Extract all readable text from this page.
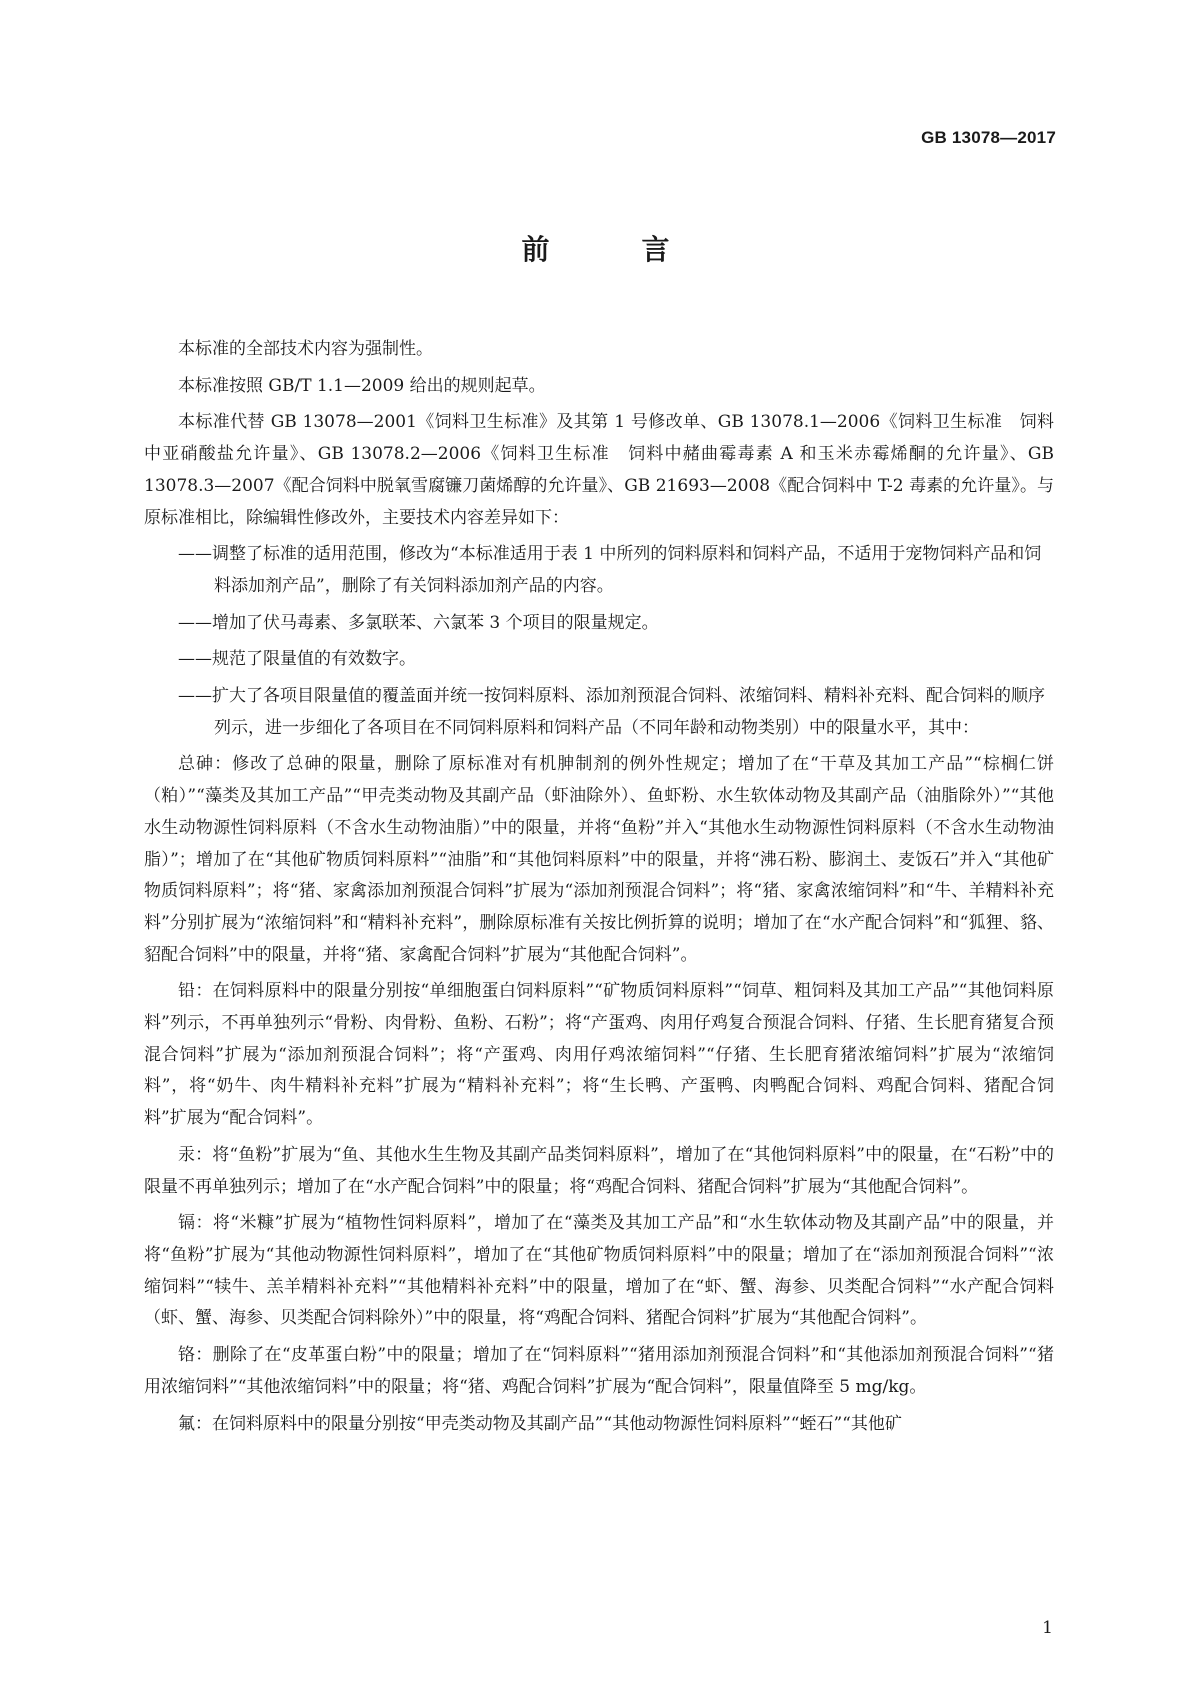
GB 13078—2017
前　言

本标准的全部技术内容为强制性。

本标准按照 GB/T 1.1—2009 给出的规则起草。

本标准代替 GB 13078—2001《饲料卫生标准》及其第 1 号修改单、GB 13078.1—2006《饲料卫生标准　饲料中亚硝酸盐允许量》、GB 13078.2—2006《饲料卫生标准　饲料中赭曲霉毒素 A 和玉米赤霉烯酮的允许量》、GB 13078.3—2007《配合饲料中脱氧雪腐镰刀菌烯醇的允许量》、GB 21693—2008《配合饲料中 T-2 毒素的允许量》。与原标准相比，除编辑性修改外，主要技术内容差异如下：

——调整了标准的适用范围，修改为“本标准适用于表 1 中所列的饲料原料和饲料产品，不适用于宠物饲料产品和饲料添加剂产品”，删除了有关饲料添加剂产品的内容。
——增加了伏马毒素、多氯联苯、六氯苯 3 个项目的限量规定。
——规范了限量值的有效数字。
——扩大了各项目限量值的覆盖面并统一按饲料原料、添加剂预混合饲料、浓缩饲料、精料补充料、配合饲料的顺序列示，进一步细化了各项目在不同饲料原料和饲料产品（不同年龄和动物类别）中的限量水平，其中：

总砷：修改了总砷的限量，删除了原标准对有机胂制剂的例外性规定；增加了在“干草及其加工产品”“棕榈仁饼（粕）”“藻类及其加工产品”“甲壳类动物及其副产品（虾油除外）、鱼虾粉、水生软体动物及其副产品（油脂除外）”“其他水生动物源性饲料原料（不含水生动物油脂）”中的限量，并将“鱼粉”并入“其他水生动物源性饲料原料（不含水生动物油脂）”；增加了在“其他矿物质饲料原料”“油脂”和“其他饲料原料”中的限量，并将“沸石粉、膨润土、麦饭石”并入“其他矿物质饲料原料”；将“猪、家禽添加剂预混合饲料”扩展为“添加剂预混合饲料”；将“猪、家禽浓缩饲料”和“牛、羊精料补充料”分别扩展为“浓缩饲料”和“精料补充料”，删除原标准有关按比例折算的说明；增加了在“水产配合饲料”和“狐狸、貉、貂配合饲料”中的限量，并将“猪、家禽配合饲料”扩展为“其他配合饲料”。

铅：在饲料原料中的限量分别按“单细胞蛋白饲料原料”“矿物质饲料原料”“饲草、粗饲料及其加工产品”“其他饲料原料”列示，不再单独列示“骨粉、肉骨粉、鱼粉、石粉”；将“产蛋鸡、肉用仔鸡复合预混合饲料、仔猪、生长肥育猪复合预混合饲料”扩展为“添加剂预混合饲料”；将“产蛋鸡、肉用仔鸡浓缩饲料”“仔猪、生长肥育猪浓缩饲料”扩展为“浓缩饲料”，将“奶牛、肉牛精料补充料”扩展为“精料补充料”；将“生长鸭、产蛋鸭、肉鸭配合饲料、鸡配合饲料、猪配合饲料”扩展为“配合饲料”。

汞：将“鱼粉”扩展为“鱼、其他水生生物及其副产品类饲料原料”，增加了在“其他饲料原料”中的限量，在“石粉”中的限量不再单独列示；增加了在“水产配合饲料”中的限量；将“鸡配合饲料、猪配合饲料”扩展为“其他配合饲料”。

镉：将“米糠”扩展为“植物性饲料原料”，增加了在“藻类及其加工产品”和“水生软体动物及其副产品”中的限量，并将“鱼粉”扩展为“其他动物源性饲料原料”，增加了在“其他矿物质饲料原料”中的限量；增加了在“添加剂预混合饲料”“浓缩饲料”“犊牛、羔羊精料补充料”“其他精料补充料”中的限量，增加了在“虾、蟹、海参、贝类配合饲料”“水产配合饲料（虾、蟹、海参、贝类配合饲料除外）”中的限量，将“鸡配合饲料、猪配合饲料”扩展为“其他配合饲料”。

铬：删除了在“皮革蛋白粉”中的限量；增加了在“饲料原料”“猪用添加剂预混合饲料”和“其他添加剂预混合饲料”“猪用浓缩饲料”“其他浓缩饲料”中的限量；将“猪、鸡配合饲料”扩展为“配合饲料”，限量值降至 5 mg/kg。

氟：在饲料原料中的限量分别按“甲壳类动物及其副产品”“其他动物源性饲料原料”“蛭石”“其他矿

1
